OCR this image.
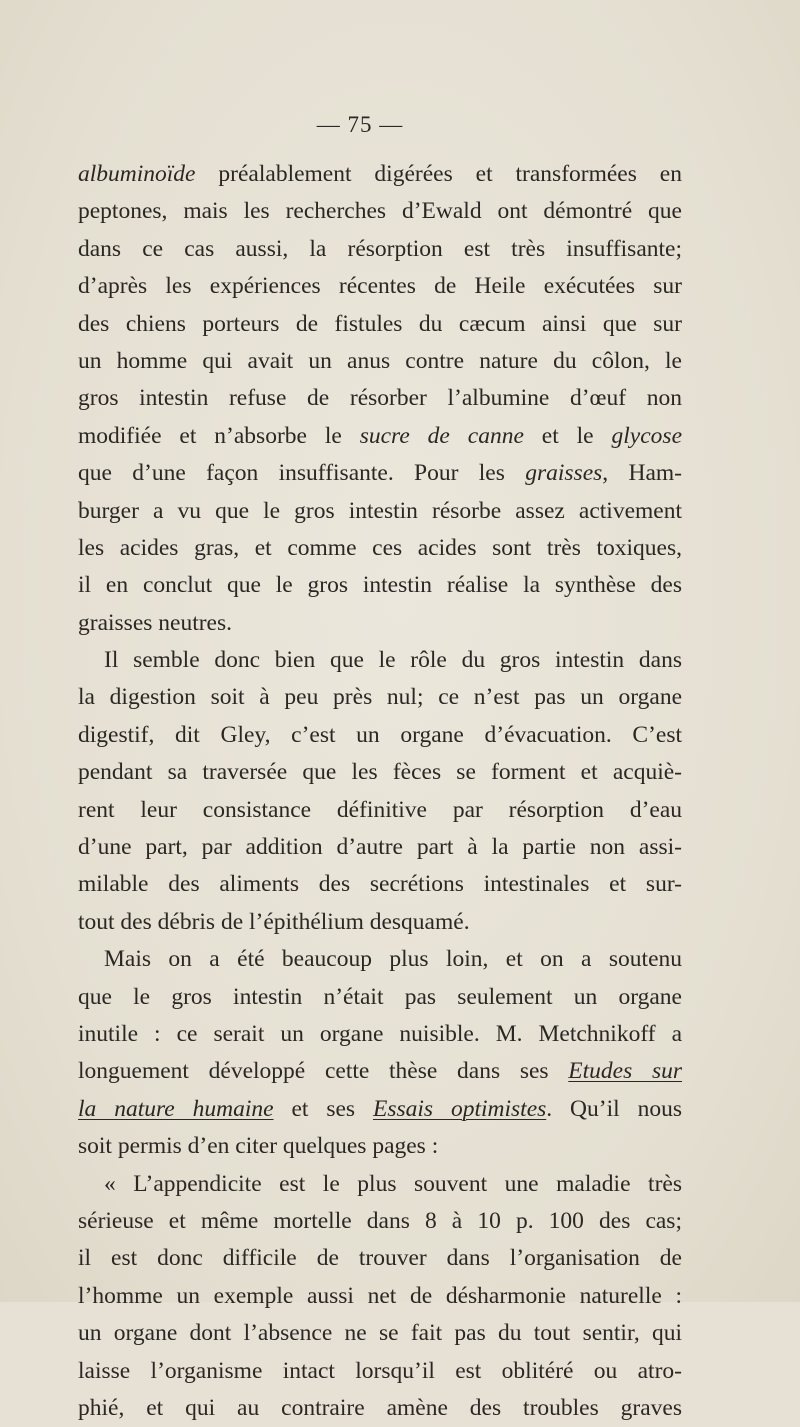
— 75 —
albuminoïde préalablement digérées et transformées en
peptones, mais les recherches d’Ewald ont démontré que
dans ce cas aussi, la résorption est très insuffisante;
d’après les expériences récentes de Heile exécutées sur
des chiens porteurs de fistules du cæcum ainsi que sur
un homme qui avait un anus contre nature du côlon, le
gros intestin refuse de résorber l’albumine d’œuf non
modifiée et n’absorbe le sucre de canne et le glycose
que d’une façon insuffisante. Pour les graisses, Ham-
burger a vu que le gros intestin résorbe assez activement
les acides gras, et comme ces acides sont très toxiques,
il en conclut que le gros intestin réalise la synthèse des
graisses neutres.
Il semble donc bien que le rôle du gros intestin dans
la digestion soit à peu près nul; ce n’est pas un organe
digestif, dit Gley, c’est un organe d’évacuation. C’est
pendant sa traversée que les fèces se forment et acquiè-
rent leur consistance définitive par résorption d’eau
d’une part, par addition d’autre part à la partie non assi-
milable des aliments des secrétions intestinales et sur-
tout des débris de l’épithélium desquamé.
Mais on a été beaucoup plus loin, et on a soutenu
que le gros intestin n’était pas seulement un organe
inutile : ce serait un organe nuisible. M. Metchnikoff a
longuement développé cette thèse dans ses Etudes sur
la nature humaine et ses Essais optimistes. Qu’il nous
soit permis d’en citer quelques pages :
« L’appendicite est le plus souvent une maladie très
sérieuse et même mortelle dans 8 à 10 p. 100 des cas;
il est donc difficile de trouver dans l’organisation de
l’homme un exemple aussi net de désharmonie naturelle :
un organe dont l’absence ne se fait pas du tout sentir, qui
laisse l’organisme intact lorsqu’il est oblitéré ou atro-
phié, et qui au contraire amène des troubles graves
